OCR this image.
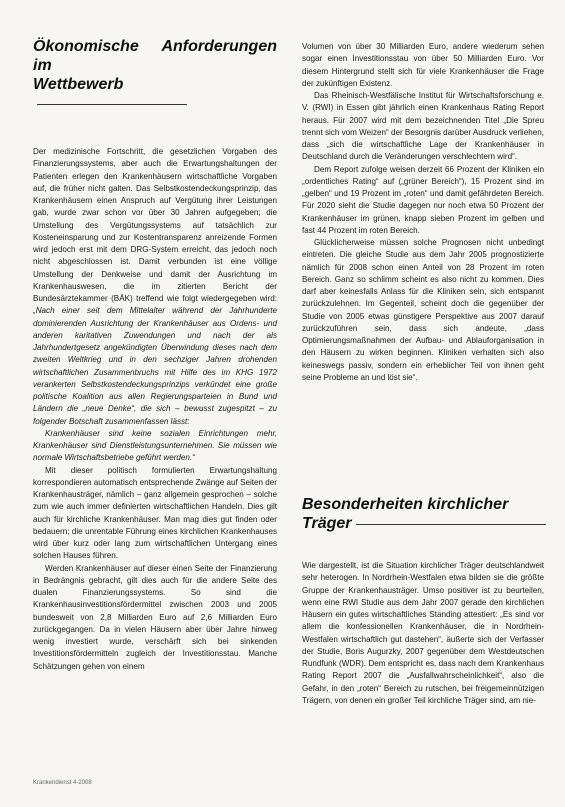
Ökonomische Anforderungen im
Wettbewerb

Der medizinische Fortschritt, die gesetzlichen Vorgaben des Finanzierungssystems, aber auch die Erwartungshaltungen der Patienten erlegen den Krankenhäusern wirtschaftliche Vorgaben auf, die früher nicht galten. Das Selbstkostendeckungsprinzip, das Krankenhäusern einen Anspruch auf Vergütung ihrer Leistungen gab, wurde zwar schon vor über 30 Jahren aufgegeben; die Umstellung des Vergütungssystems auf tatsächlich zur Kosteneinsparung und zur Kostentransparenz anreizende Formen wird jedoch erst mit dem DRG-System erreicht, das jedoch noch nicht abgeschlossen ist. Damit verbunden ist eine völlige Umstellung der Denkweise und damit der Ausrichtung im Krankenhauswesen, die im zitierten Bericht der Bundesärztekammer (BÄK) treffend wie folgt wiedergegeben wird: „Nach einer seit dem Mittelalter während der Jahrhunderte dominierenden Ausrichtung der Krankenhäuser aus Ordens- und anderen karitativen Zuwendungen und nach der als Jahrhundertgesetz angekündigten Überwindung dieses nach dem zweiten Weltkrieg und in den sechziger Jahren drohenden wirtschaftlichen Zusammenbruchs mit Hilfe des im KHG 1972 verankerten Selbstkostendeckungsprinzips verkündet eine große politische Koalition aus allen Regierungsparteien in Bund und Ländern die „neue Denke“, die sich – bewusst zugespitzt – zu folgender Botschaft zusammenfassen lässt:

Krankenhäuser sind keine sozialen Einrichtungen mehr, Krankenhäuser sind Dienstleistungsunternehmen. Sie müssen wie normale Wirtschaftsbetriebe geführt werden.“

Mit dieser politisch formulierten Erwartungshaltung korrespondieren automatisch entsprechende Zwänge auf Seiten der Krankenhausträger, nämlich – ganz allgemein gesprochen – solche zum wie auch immer definierten wirtschaftlichen Handeln. Dies gilt auch für kirchliche Krankenhäuser. Man mag dies gut finden oder bedauern; die unrentable Führung eines kirchlichen Krankenhauses wird über kurz oder lang zum wirtschaftlichen Untergang eines solchen Hauses führen.

Werden Krankenhäuser auf dieser einen Seite der Finanzierung in Bedrängnis gebracht, gilt dies auch für die andere Seite des dualen Finanzierungssystems. So sind die Krankenhausinvestitionsfördermittel zwischen 2003 und 2005 bundesweit von 2,8 Milliarden Euro auf 2,6 Milliarden Euro zurückgegangen. Da in vielen Häusern aber über Jahre hinweg wenig investiert wurde, verschärft sich bei sinkenden Investitionsfördermitteln zugleich der Investitionsstau. Manche Schätzungen gehen von einem

Volumen von über 30 Milliarden Euro, andere wiederum sehen sogar einen Investitionsstau von über 50 Milliarden Euro. Vor diesem Hintergrund stellt sich für viele Krankenhäuser die Frage der zukünftigen Existenz.

Das Rheinisch-Westfälische Institut für Wirtschaftsforschung e. V. (RWI) in Essen gibt jährlich einen Krankenhaus Rating Report heraus. Für 2007 wird mit dem bezeichnenden Titel „Die Spreu trennt sich vom Weizen“ der Besorgnis darüber Ausdruck verliehen, dass „sich die wirtschaftliche Lage der Krankenhäuser in Deutschland durch die Veränderungen verschlechtern wird“.

Dem Report zufolge weisen derzeit 66 Prozent der Kliniken ein „ordentliches Rating“ auf („grüner Bereich“), 15 Prozent sind im „gelben“ und 19 Prozent im „roten“ und damit gefährdeten Bereich. Für 2020 sieht die Studie dagegen nur noch etwa 50 Prozent der Krankenhäuser im grünen, knapp sieben Prozent im gelben und fast 44 Prozent im roten Bereich.

Glücklicherweise müssen solche Prognosen nicht unbedingt eintreten. Die gleiche Studie aus dem Jahr 2005 prognostizierte nämlich für 2008 schon einen Anteil von 28 Prozent im roten Bereich. Ganz so schlimm scheint es also nicht zu kommen. Dies darf aber keinesfalls Anlass für die Kliniken sein, sich entspannt zurückzulehnen. Im Gegenteil, scheint doch die gegenüber der Studie von 2005 etwas günstigere Perspektive aus 2007 darauf zurückzuführen sein, dass sich andeute, „dass Optimierungsmaßnahmen der Aufbau- und Ablauforganisation in den Häusern zu wirken beginnen. Kliniken verhalten sich also keineswegs passiv, sondern ein erheblicher Teil von ihnen geht seine Probleme an und löst sie“.

Besonderheiten kirchlicher
Träger

Wie dargestellt, ist die Situation kirchlicher Träger deutschlandweit sehr heterogen. In Nordrhein-Westfalen etwa bilden sie die größte Gruppe der Krankenhausträger. Umso positiver ist zu beurteilen, wenn eine RWI Studie aus dem Jahr 2007 gerade den kirchlichen Häusern ein gutes wirtschaftliches Standing attestiert: „Es sind vor allem die konfessionellen Krankenhäuser, die in Nordrhein-Westfalen wirtschaftlich gut dastehen“, äußerte sich der Verfasser der Studie, Boris Augurzky, 2007 gegenüber dem Westdeutschen Rundfunk (WDR). Dem entspricht es, dass nach dem Krankenhaus Rating Report 2007 die „Ausfallwahrscheinlichkeit“, also die Gefahr, in den „roten“ Bereich zu rutschen, bei freigemeinnützigen Trägern, von denen ein großer Teil kirchliche Träger sind, am nie-

Krankendienst 4-2008
